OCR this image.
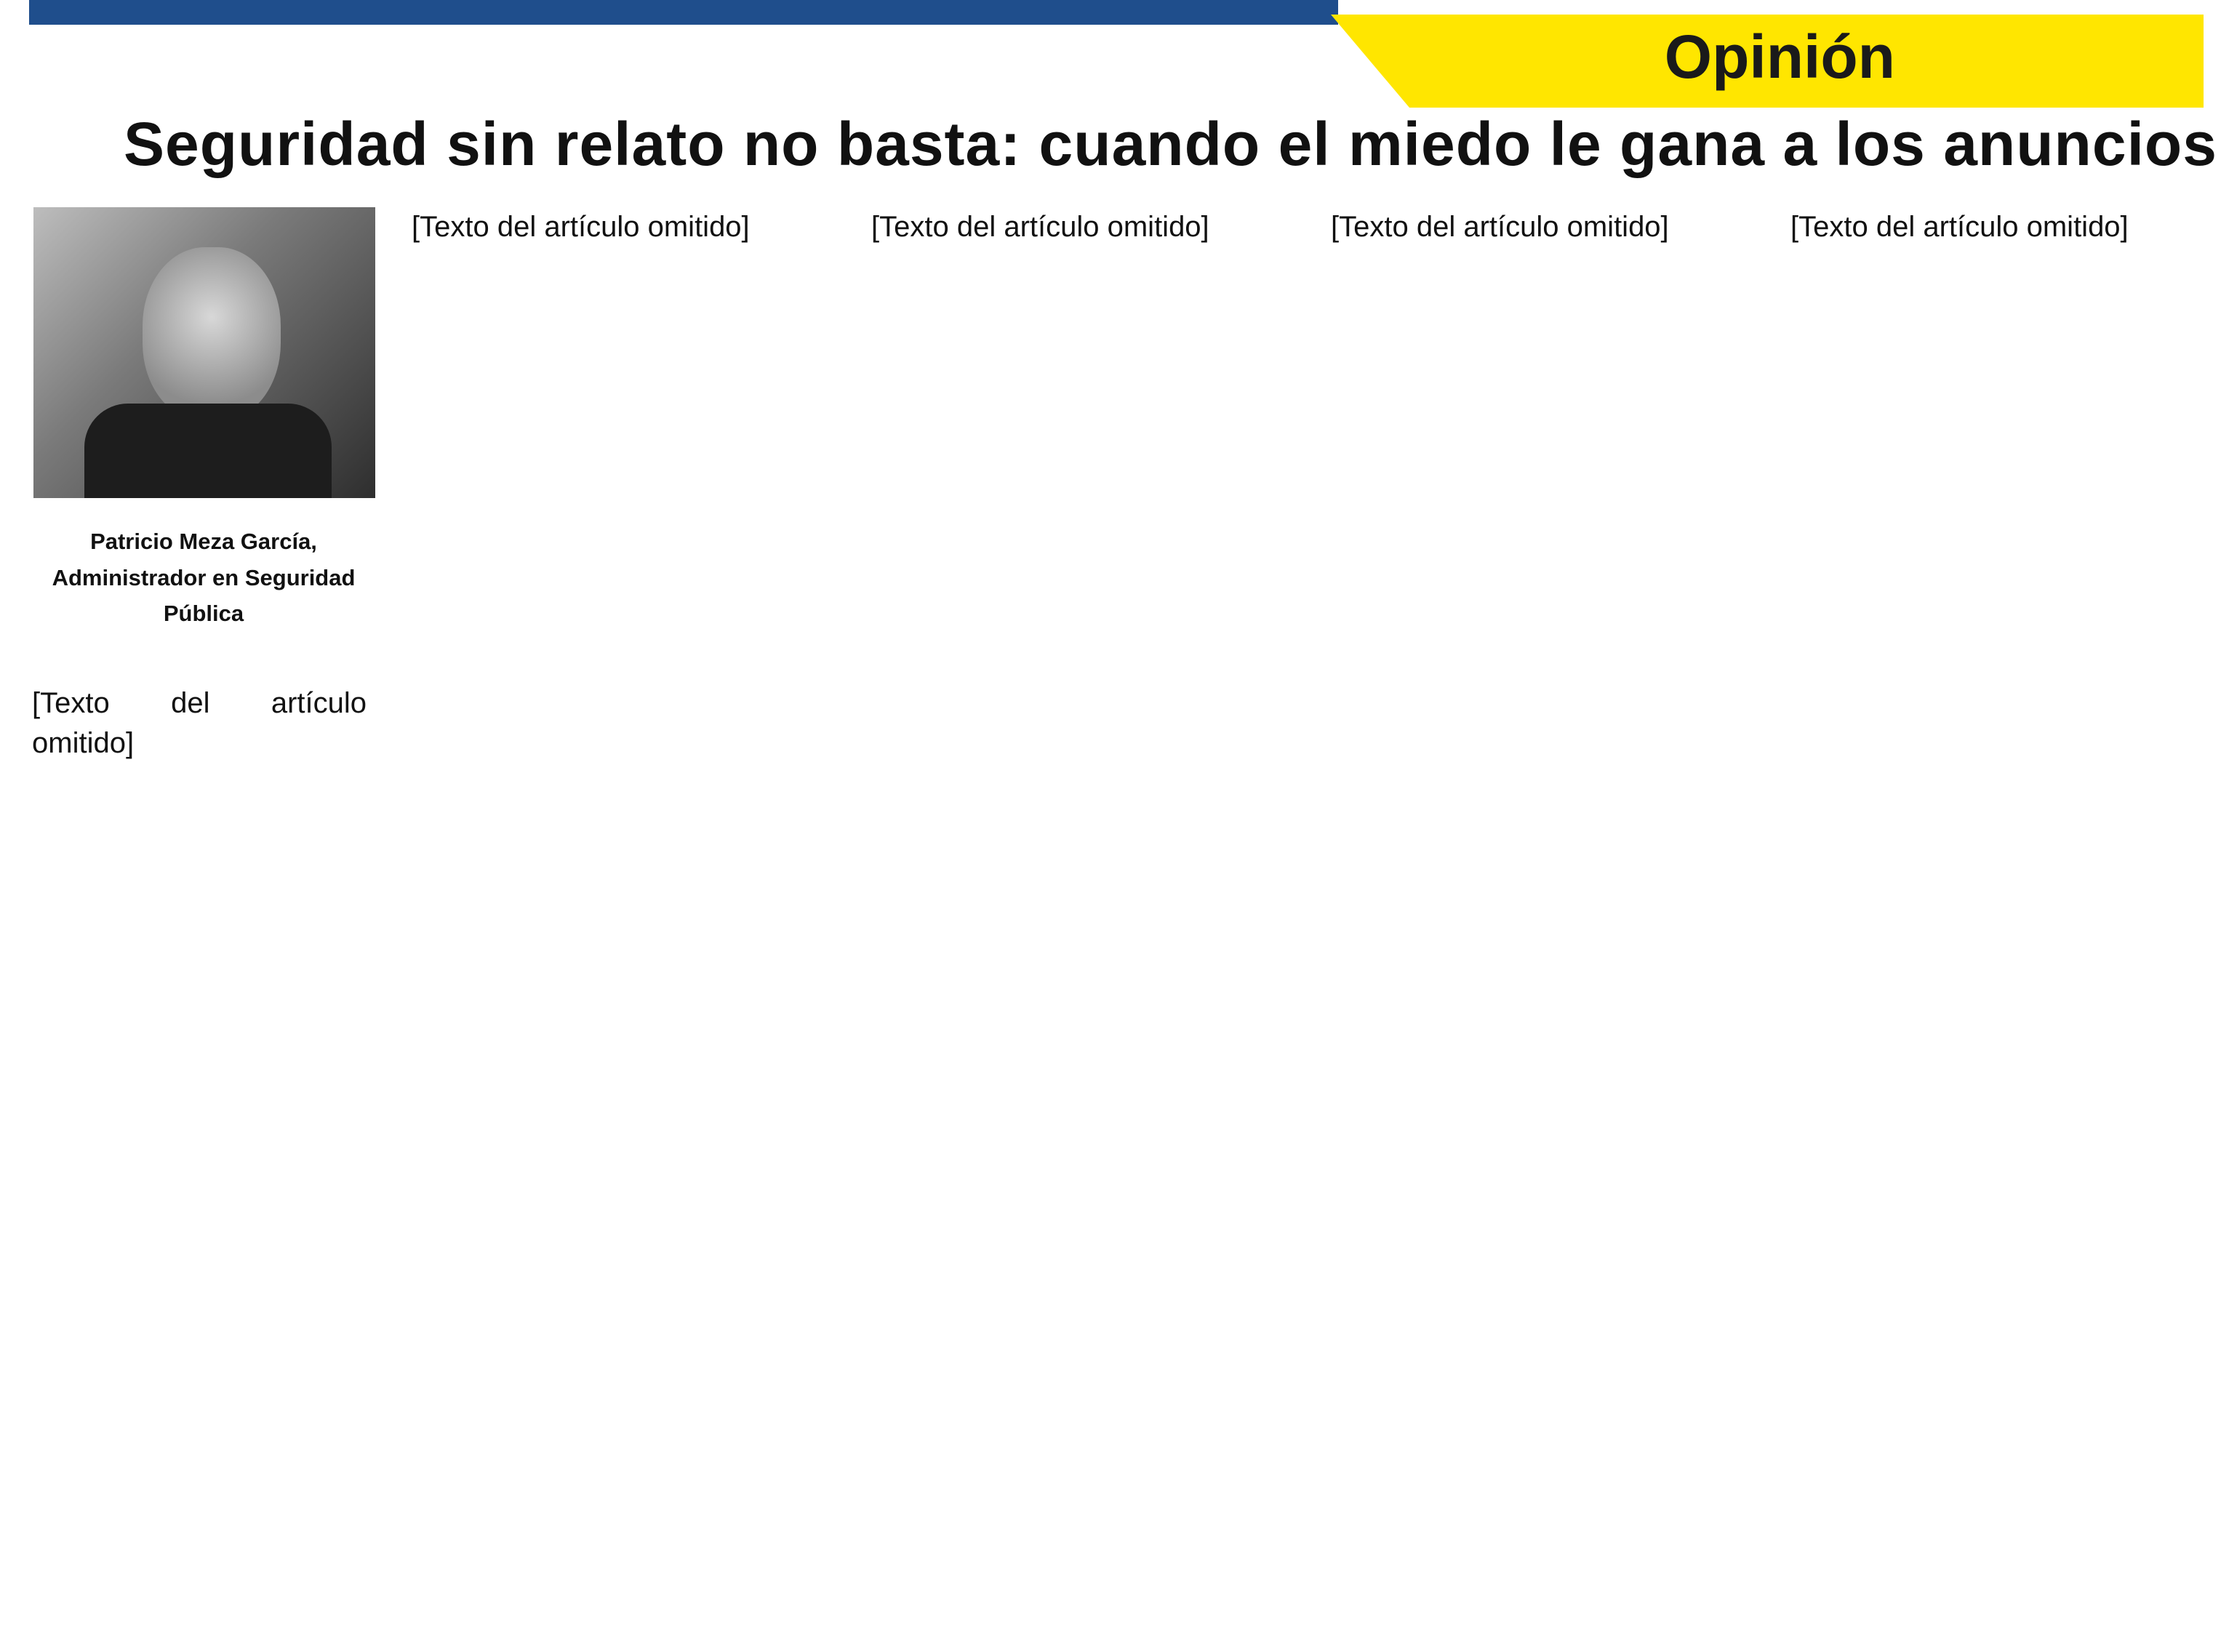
Opinión
Seguridad sin relato no basta: cuando el miedo le gana a los anuncios
Patricio Meza García,
Administrador en Seguridad Pública

[Texto del artículo omitido]

[Texto del artículo omitido]	[Texto del artículo omitido]	[Texto del artículo omitido]	[Texto del artículo omitido]
